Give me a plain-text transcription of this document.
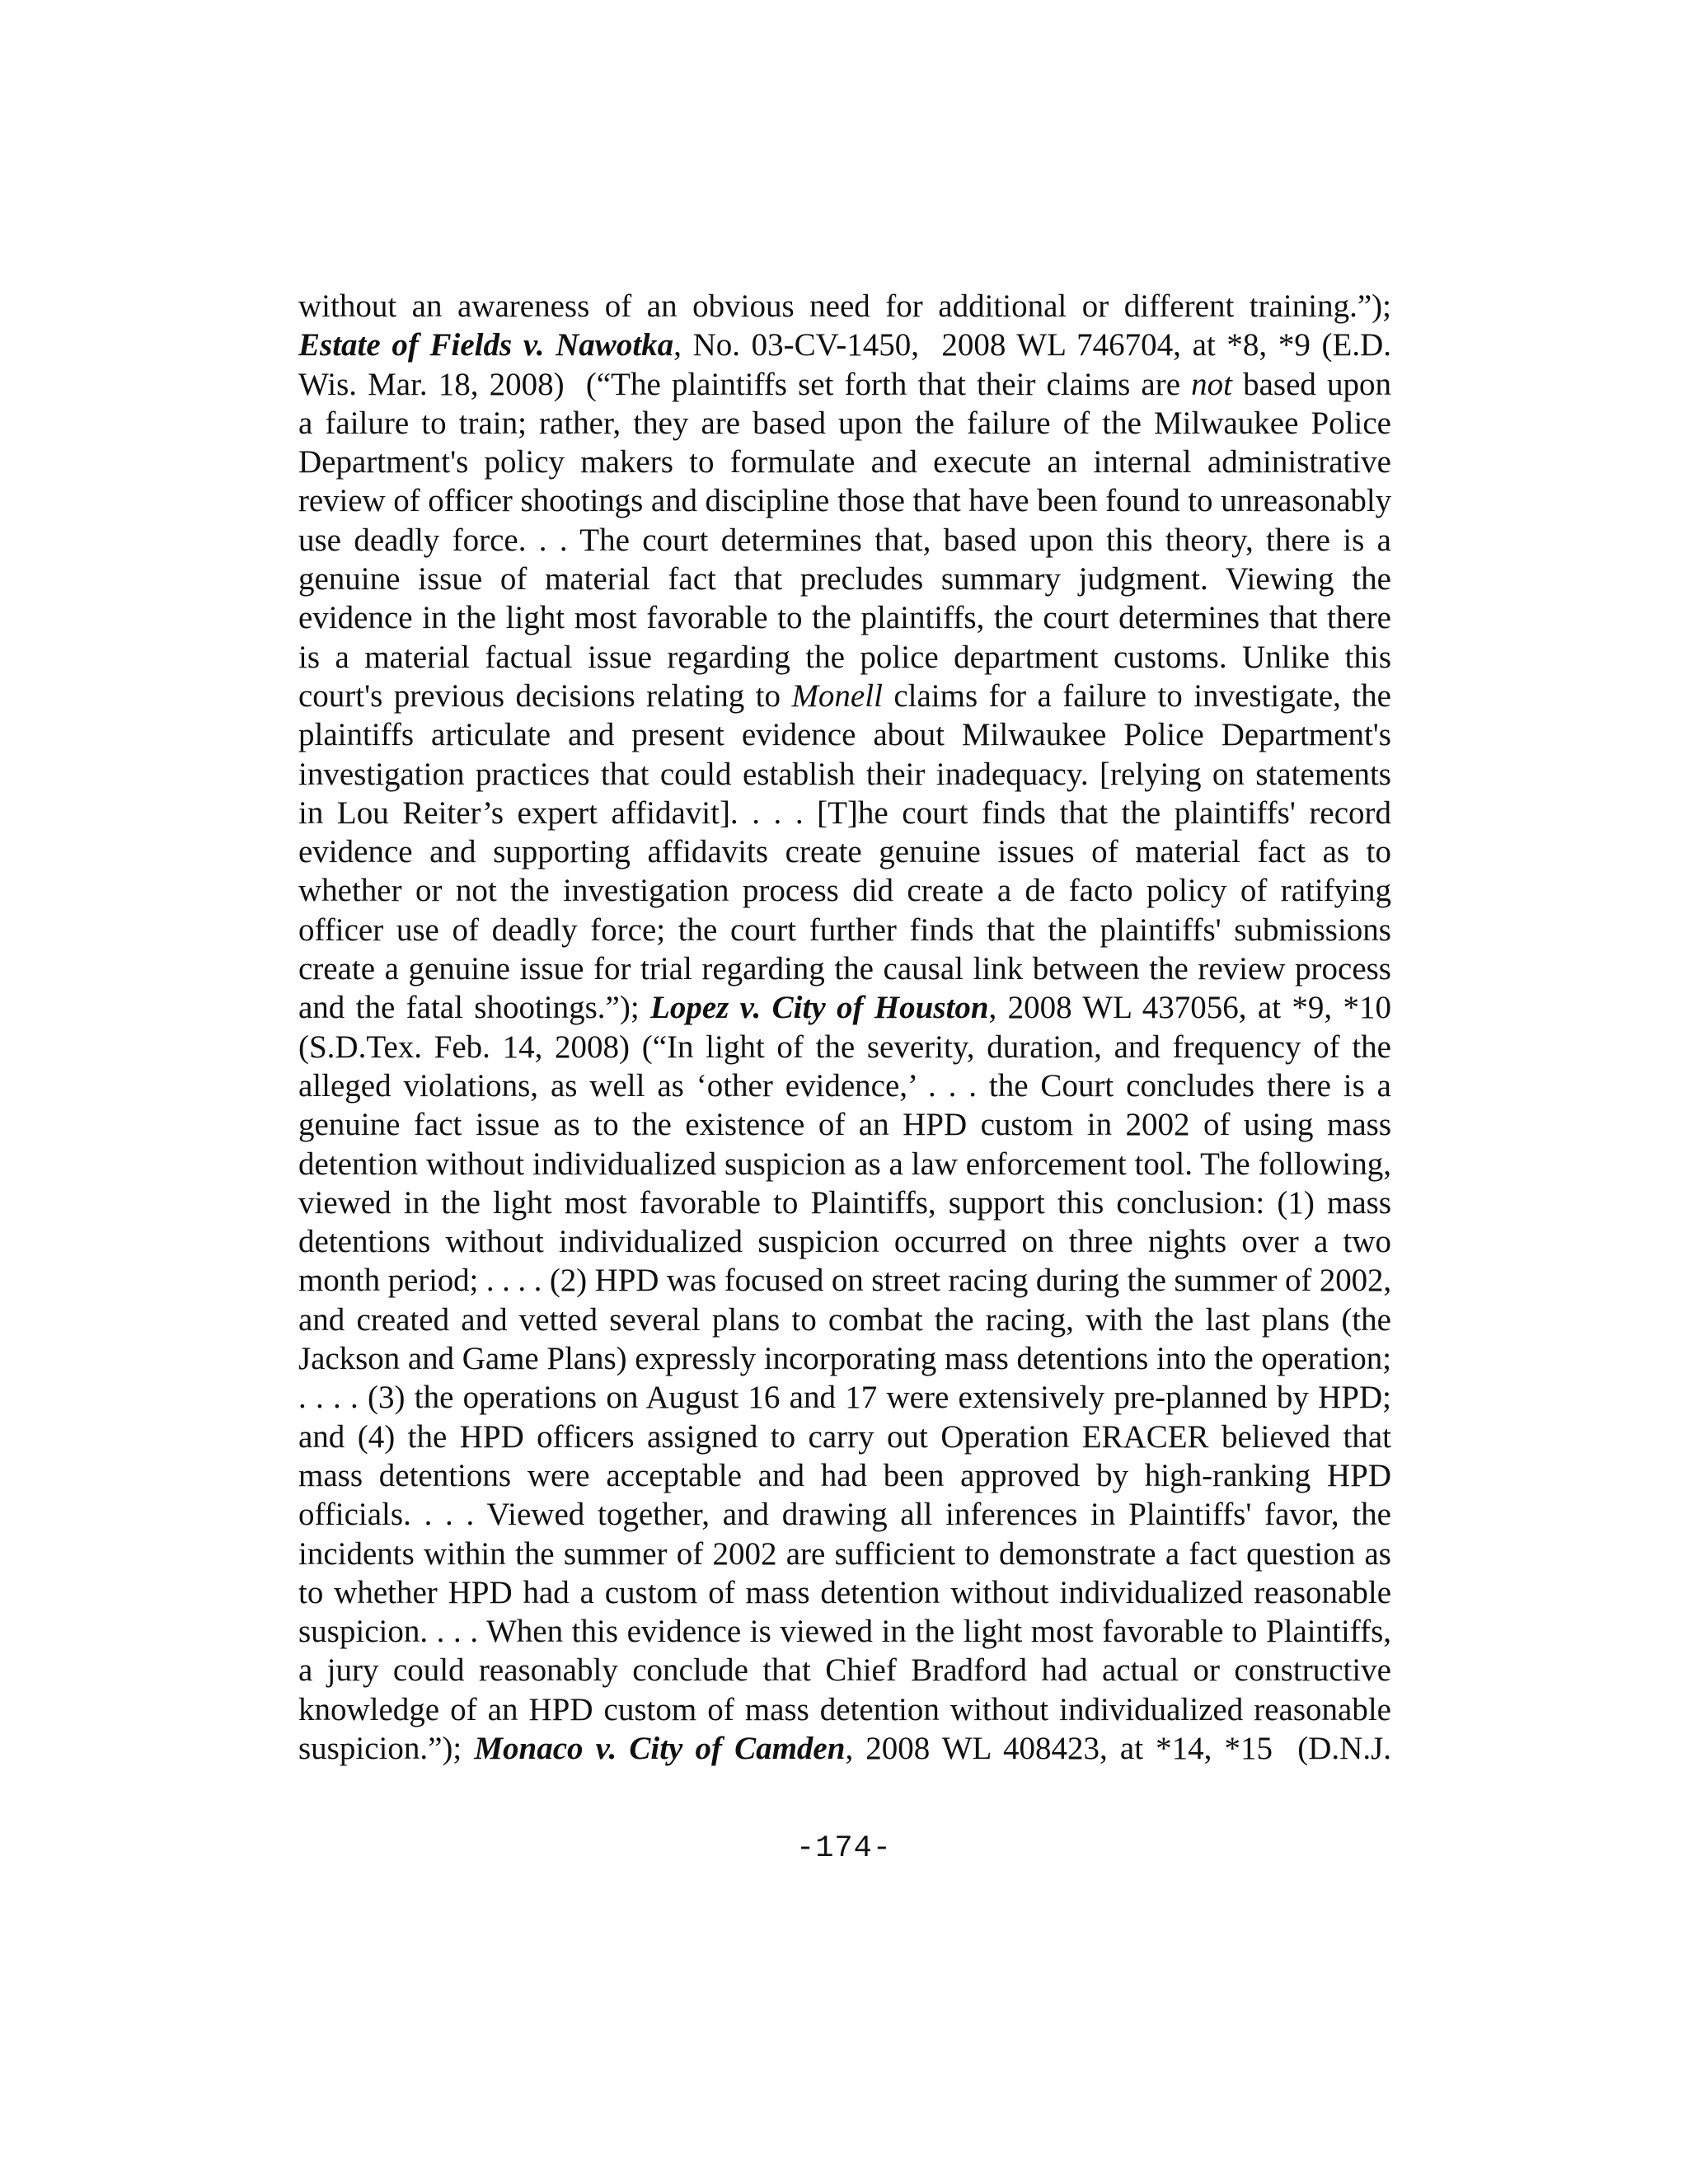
without an awareness of an obvious need for additional or different training.”);
Estate of Fields v. Nawotka, No. 03-CV-1450,  2008 WL 746704, at *8, *9 (E.D.
Wis. Mar. 18, 2008)  (“The plaintiffs set forth that their claims are not based upon
a failure to train; rather, they are based upon the failure of the Milwaukee Police
Department's policy makers to formulate and execute an internal administrative
review of officer shootings and discipline those that have been found to unreasonably
use deadly force. . . The court determines that, based upon this theory, there is a
genuine issue of material fact that precludes summary judgment. Viewing the
evidence in the light most favorable to the plaintiffs, the court determines that there
is a material factual issue regarding the police department customs. Unlike this
court's previous decisions relating to Monell claims for a failure to investigate, the
plaintiffs articulate and present evidence about Milwaukee Police Department's
investigation practices that could establish their inadequacy. [relying on statements
in Lou Reiter’s expert affidavit]. . . . [T]he court finds that the plaintiffs' record
evidence and supporting affidavits create genuine issues of material fact as to
whether or not the investigation process did create a de facto policy of ratifying
officer use of deadly force; the court further finds that the plaintiffs' submissions
create a genuine issue for trial regarding the causal link between the review process
and the fatal shootings.”); Lopez v. City of Houston, 2008 WL 437056, at *9, *10
(S.D.Tex. Feb. 14, 2008) (“In light of the severity, duration, and frequency of the
alleged violations, as well as ‘other evidence,’ . . . the Court concludes there is a
genuine fact issue as to the existence of an HPD custom in 2002 of using mass
detention without individualized suspicion as a law enforcement tool. The following,
viewed in the light most favorable to Plaintiffs, support this conclusion: (1) mass
detentions without individualized suspicion occurred on three nights over a two
month period; . . . . (2) HPD was focused on street racing during the summer of 2002,
and created and vetted several plans to combat the racing, with the last plans (the
Jackson and Game Plans) expressly incorporating mass detentions into the operation;
. . . . (3) the operations on August 16 and 17 were extensively pre-planned by HPD;
and (4) the HPD officers assigned to carry out Operation ERACER believed that
mass detentions were acceptable and had been approved by high-ranking HPD
officials. . . . Viewed together, and drawing all inferences in Plaintiffs' favor, the
incidents within the summer of 2002 are sufficient to demonstrate a fact question as
to whether HPD had a custom of mass detention without individualized reasonable
suspicion. . . . When this evidence is viewed in the light most favorable to Plaintiffs,
a jury could reasonably conclude that Chief Bradford had actual or constructive
knowledge of an HPD custom of mass detention without individualized reasonable
suspicion.”); Monaco v. City of Camden, 2008 WL 408423, at *14, *15  (D.N.J.
-174-
